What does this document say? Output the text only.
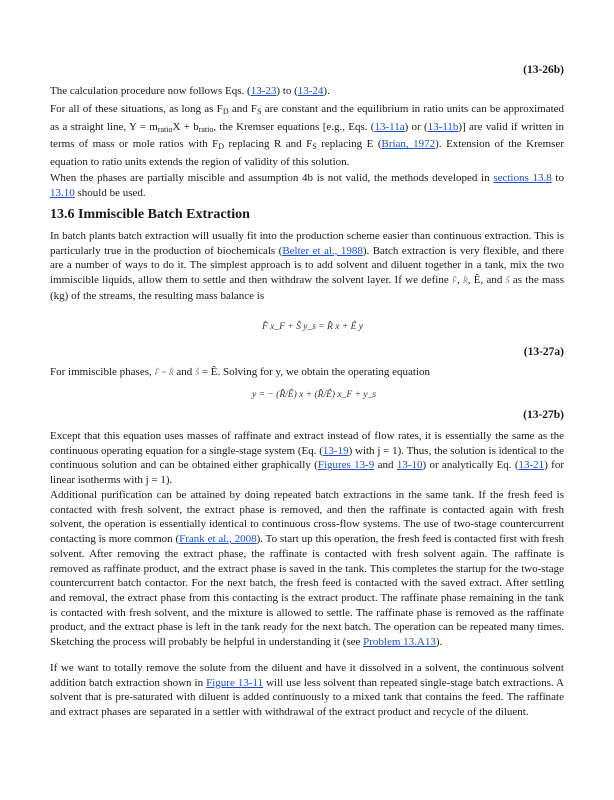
(13-26b)

The calculation procedure now follows Eqs. (13-23) to (13-24).

For all of these situations, as long as $F_D$ and $F_S$ are constant and the equilibrium in ratio units can be approximated as a straight line, $Y = m_{ratio}X + b_{ratio}$, the Kremser equations [e.g., Eqs. (13-11a) or (13-11b)] are valid if written in terms of mass or mole ratios with $F_D$ replacing R and $F_S$ replacing E (Brian, 1972). Extension of the Kremser equation to ratio units extends the region of validity of this solution.

When the phases are partially miscible and assumption 4b is not valid, the methods developed in sections 13.8 to 13.10 should be used.

13.6 Immiscible Batch Extraction

In batch plants batch extraction will usually fit into the production scheme easier than continuous extraction. This is particularly true in the production of biochemicals (Belter et al., 1988). Batch extraction is very flexible, and there are a number of ways to do it. The simplest approach is to add solvent and diluent together in a tank, mix the two immiscible liquids, allow them to settle and then withdraw the solvent layer. If we define F̂, R̂, Ê, and Ŝ as the mass (kg) of the streams, the resulting mass balance is

F̂ x_F + Ŝ y_s = R̂ x + Ê y
(13-27a)

For immiscible phases, F̂ = R̂ and Ŝ = Ê. Solving for y, we obtain the operating equation

y = − (R̂/Ê) x + (R̂/Ê) x_F + y_s
(13-27b)

Except that this equation uses masses of raffinate and extract instead of flow rates, it is essentially the same as the continuous operating equation for a single-stage system (Eq. (13-19) with j = 1). Thus, the solution is identical to the continuous solution and can be obtained either graphically (Figures 13-9 and 13-10) or analytically Eq. (13-21) for linear isotherms with j = 1).

Additional purification can be attained by doing repeated batch extractions in the same tank. If the fresh feed is contacted with fresh solvent, the extract phase is removed, and then the raffinate is contacted again with fresh solvent, the operation is essentially identical to continuous cross-flow systems. The use of two-stage countercurrent contacting is more common (Frank et al., 2008). To start up this operation, the fresh feed is contacted first with fresh solvent. After removing the extract phase, the raffinate is contacted with fresh solvent again. The raffinate is removed as raffinate product, and the extract phase is saved in the tank. This completes the startup for the two-stage countercurrent batch contactor. For the next batch, the fresh feed is contacted with the saved extract. After settling and removal, the extract phase from this contacting is the extract product. The raffinate phase remaining in the tank is contacted with fresh solvent, and the mixture is allowed to settle. The raffinate phase is removed as the raffinate product, and the extract phase is left in the tank ready for the next batch. The operation can be repeated many times. Sketching the process will probably be helpful in understanding it (see Problem 13.A13).

If we want to totally remove the solute from the diluent and have it dissolved in a solvent, the continuous solvent addition batch extraction shown in Figure 13-11 will use less solvent than repeated single-stage batch extractions. A solvent that is pre-saturated with diluent is added continuously to a mixed tank that contains the feed. The raffinate and extract phases are separated in a settler with withdrawal of the extract product and recycle of the diluent.
